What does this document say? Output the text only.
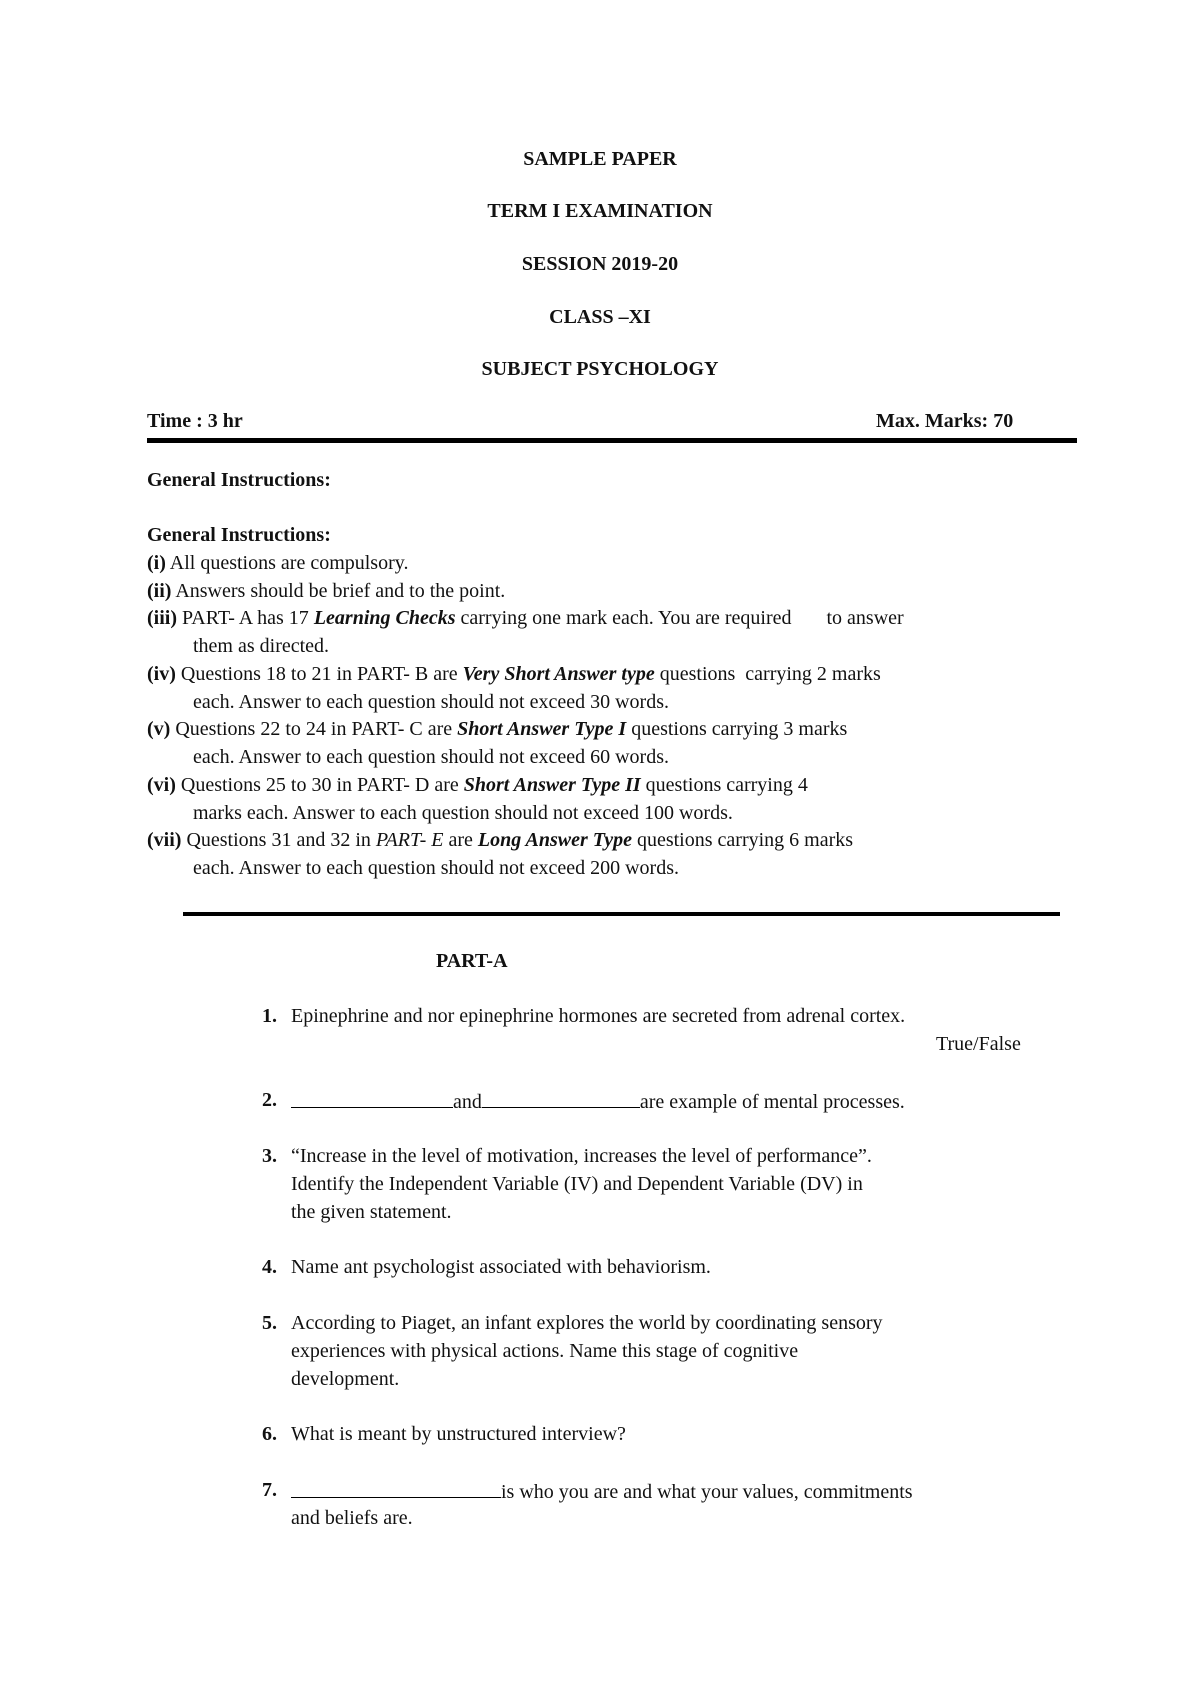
SAMPLE PAPER
TERM I EXAMINATION
SESSION 2019-20
CLASS –XI
SUBJECT PSYCHOLOGY
Time : 3 hr	Max. Marks: 70
General Instructions:
General Instructions:
(i) All questions are compulsory.
(ii) Answers should be brief and to the point.
(iii) PART- A has 17 Learning Checks carrying one mark each. You are required       to answer
them as directed.
(iv) Questions 18 to 21 in PART- B are Very Short Answer type questions  carrying 2 marks
each. Answer to each question should not exceed 30 words.
(v) Questions 22 to 24 in PART- C are Short Answer Type I questions carrying 3 marks
each. Answer to each question should not exceed 60 words.
(vi) Questions 25 to 30 in PART- D are Short Answer Type II questions carrying 4
marks each. Answer to each question should not exceed 100 words.
(vii) Questions 31 and 32 in PART- E are Long Answer Type questions carrying 6 marks
each. Answer to each question should not exceed 200 words.
PART-A
1. Epinephrine and nor epinephrine hormones are secreted from adrenal cortex.
True/False
2.	and	are example of mental processes.
3. “Increase in the level of motivation, increases the level of performance”.
Identify the Independent Variable (IV) and Dependent Variable (DV) in
the given statement.
4. Name ant psychologist associated with behaviorism.
5. According to Piaget, an infant explores the world by coordinating sensory
experiences with physical actions. Name this stage of cognitive
development.
6. What is meant by unstructured interview?
7.	is who you are and what your values, commitments
and beliefs are.
